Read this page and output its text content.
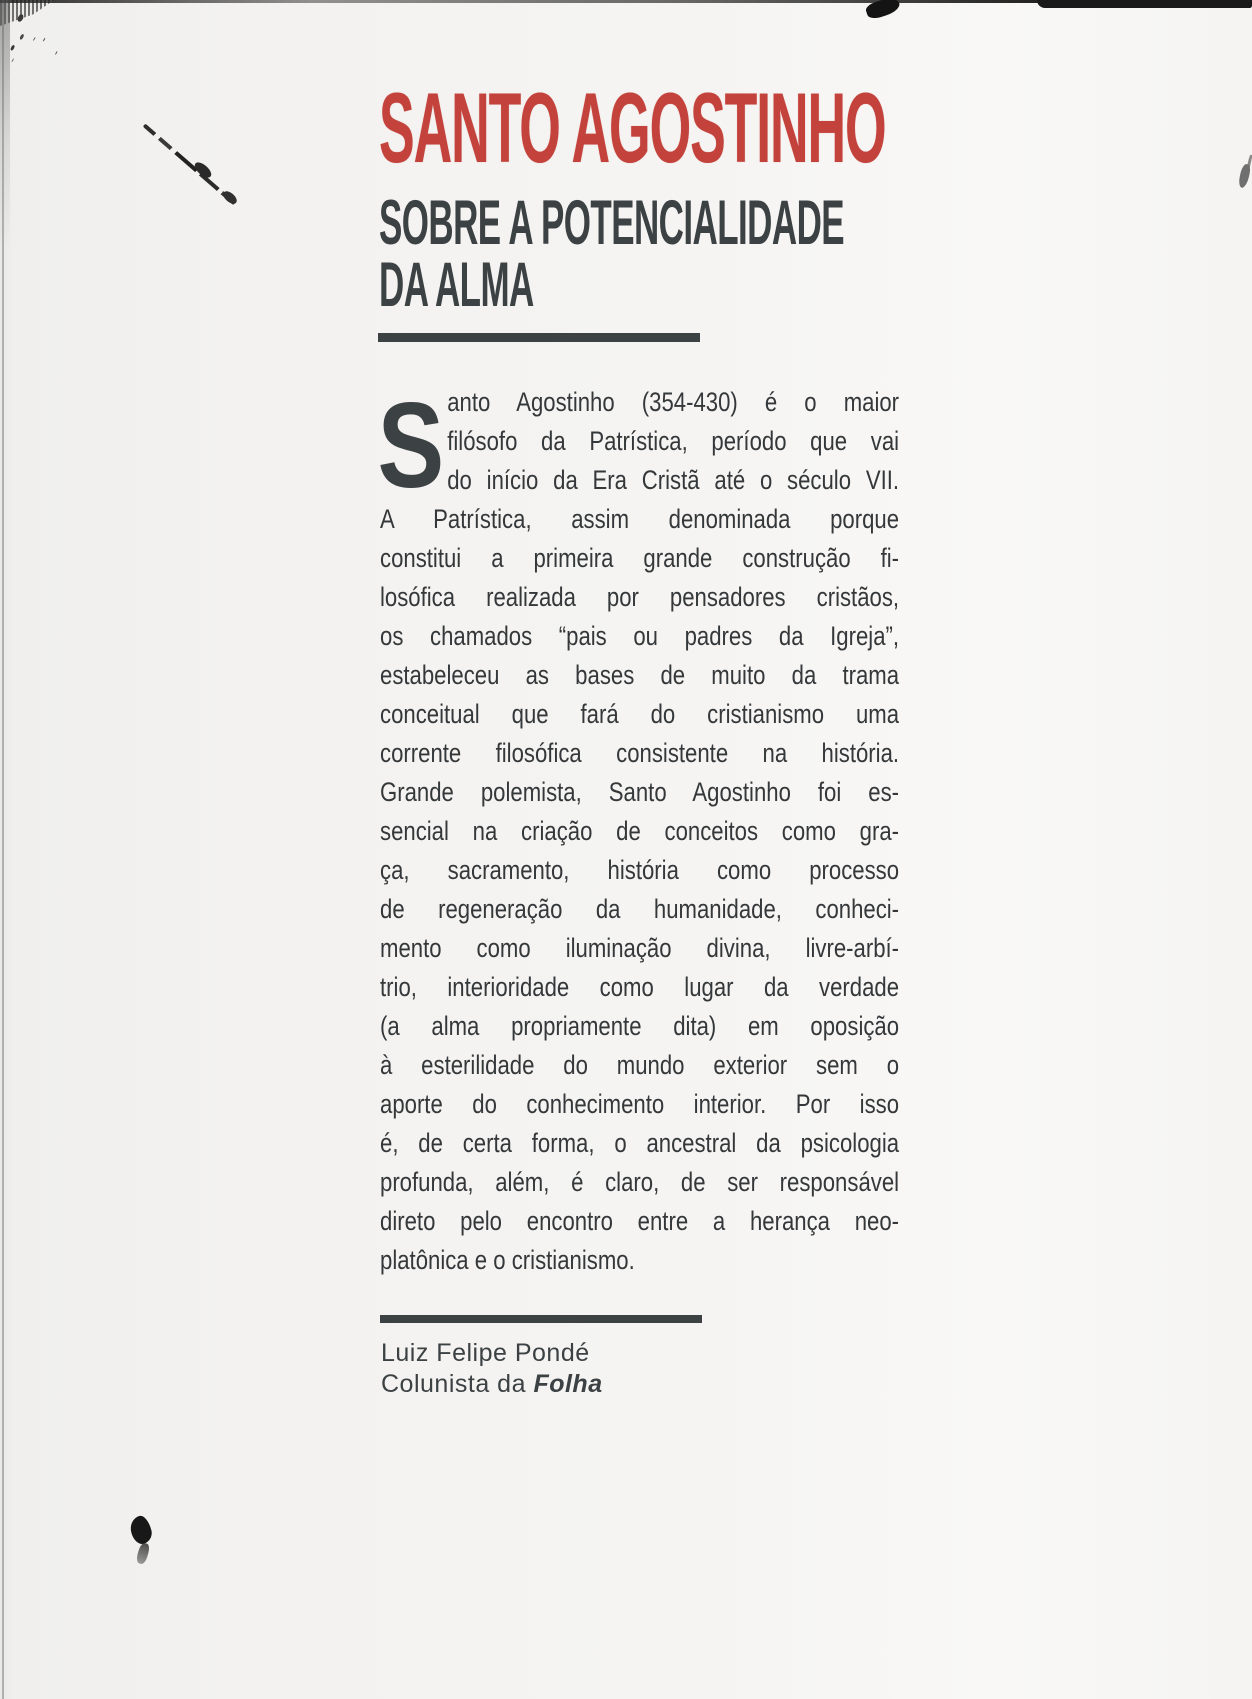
SANTO AGOSTINHO
SOBRE A POTENCIALIDADE
DA ALMA
S anto Agostinho (354-430) é o maior
filósofo da Patrística, período que vai
do início da Era Cristã até o século VII.
A Patrística, assim denominada porque
constitui a primeira grande construção fi-
losófica realizada por pensadores cristãos,
os chamados “pais ou padres da Igreja”,
estabeleceu as bases de muito da trama
conceitual que fará do cristianismo uma
corrente filosófica consistente na história.
Grande polemista, Santo Agostinho foi es-
sencial na criação de conceitos como gra-
ça, sacramento, história como processo
de regeneração da humanidade, conheci-
mento como iluminação divina, livre-arbí-
trio, interioridade como lugar da verdade
(a alma propriamente dita) em oposição
à esterilidade do mundo exterior sem o
aporte do conhecimento interior. Por isso
é, de certa forma, o ancestral da psicologia
profunda, além, é claro, de ser responsável
direto pelo encontro entre a herança neo-
platônica e o cristianismo.
Luiz Felipe Pondé
Colunista da Folha
